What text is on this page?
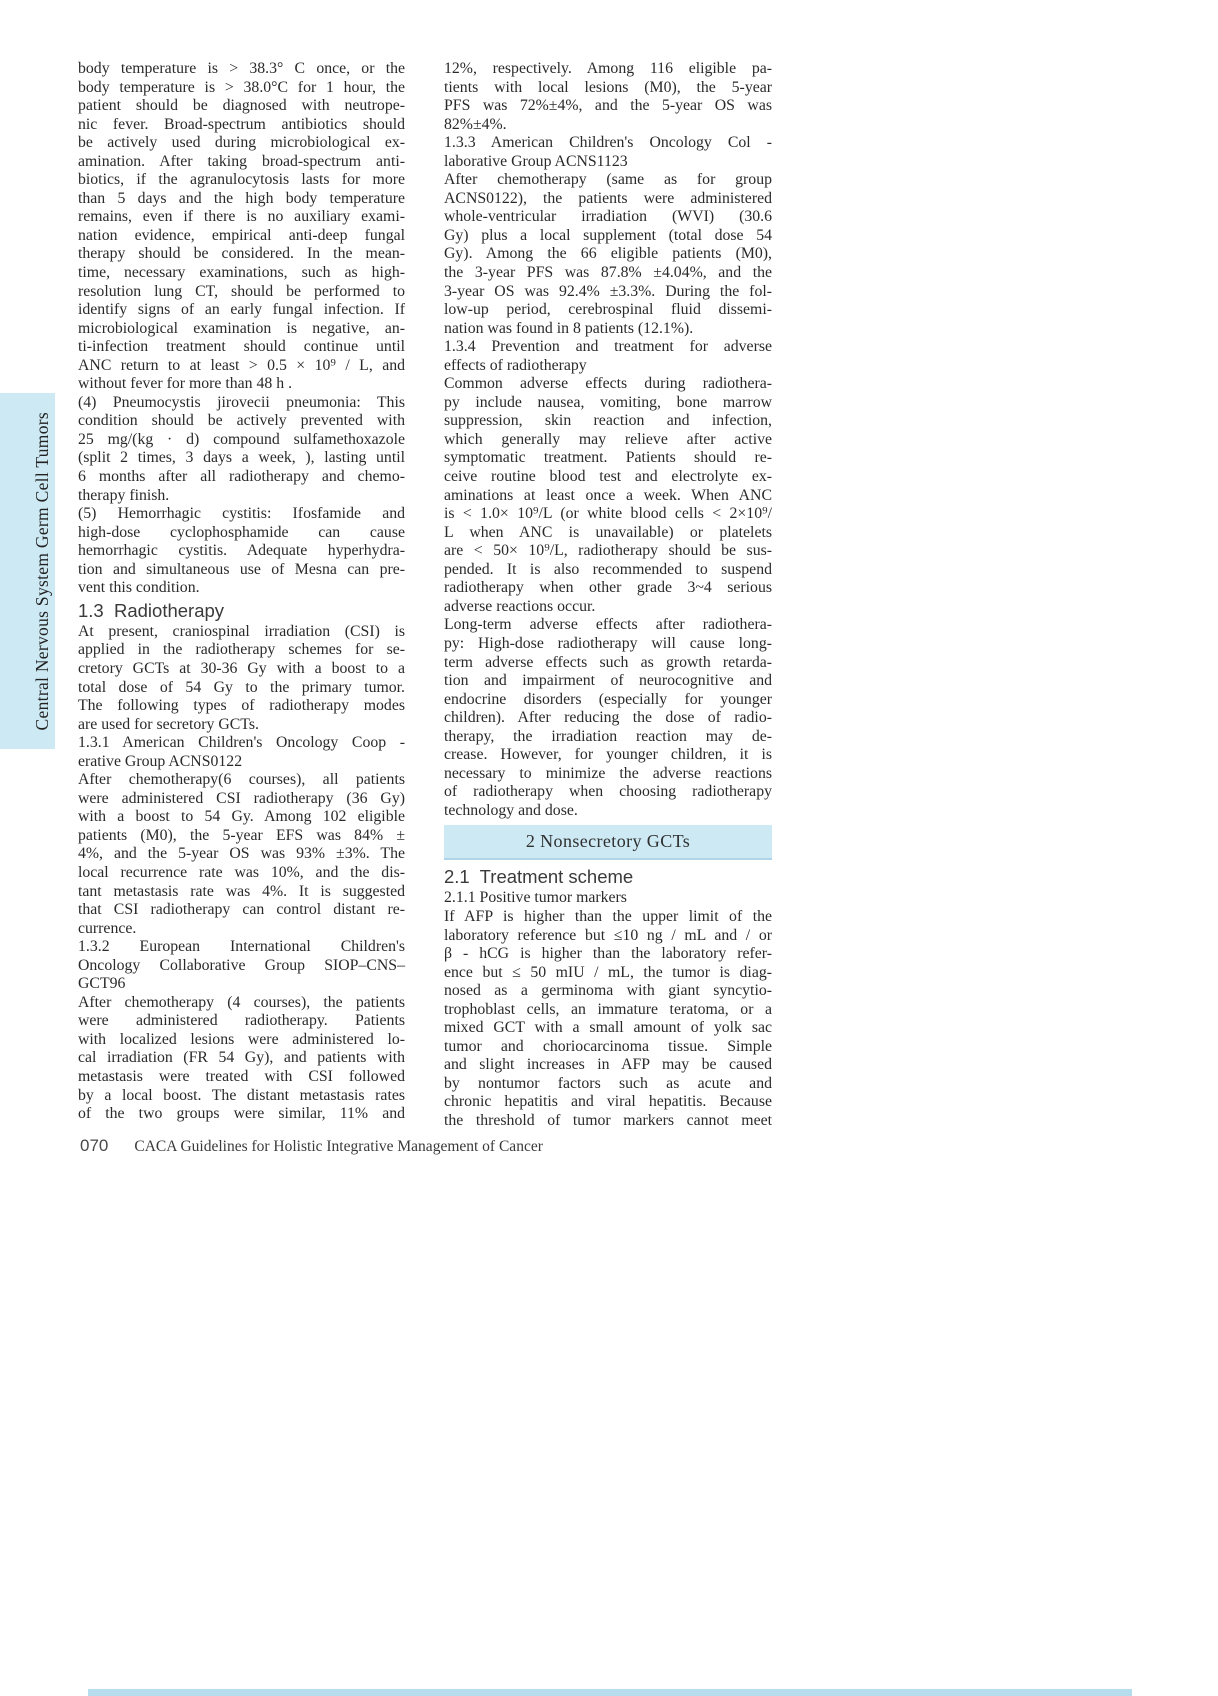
Central Nervous System Germ Cell Tumors
body temperature is > 38.3° C once, or the
body temperature is > 38.0°C for 1 hour, the
patient should be diagnosed with neutrope-
nic fever. Broad-spectrum antibiotics should
be actively used during microbiological ex-
amination. After taking broad-spectrum anti-
biotics, if the agranulocytosis lasts for more
than 5 days and the high body temperature
remains, even if there is no auxiliary exami-
nation evidence, empirical anti-deep fungal
therapy should be considered. In the mean-
time, necessary examinations, such as high-
resolution lung CT, should be performed to
identify signs of an early fungal infection. If
microbiological examination is negative, an-
ti-infection treatment should continue until
ANC return to at least > 0.5 × 10⁹ / L, and
without fever for more than 48 h .
(4) Pneumocystis jirovecii pneumonia: This
condition should be actively prevented with
25 mg/(kg · d) compound sulfamethoxazole
(split 2 times, 3 days a week, ), lasting until
6 months after all radiotherapy and chemo-
therapy finish.
(5) Hemorrhagic cystitis: Ifosfamide and
high-dose cyclophosphamide can cause
hemorrhagic cystitis. Adequate hyperhydra-
tion and simultaneous use of Mesna can pre-
vent this condition.
1.3  Radiotherapy
At present, craniospinal irradiation (CSI) is
applied in the radiotherapy schemes for se-
cretory GCTs at 30-36 Gy with a boost to a
total dose of 54 Gy to the primary tumor.
The following types of radiotherapy modes
are used for secretory GCTs.
1.3.1 American Children's Oncology Coop -
erative Group ACNS0122
After chemotherapy(6 courses), all patients
were administered CSI radiotherapy (36 Gy)
with a boost to 54 Gy. Among 102 eligible
patients (M0), the 5-year EFS was 84% ±
4%, and the 5-year OS was 93% ±3%. The
local recurrence rate was 10%, and the dis-
tant metastasis rate was 4%. It is suggested
that CSI radiotherapy can control distant re-
currence.
1.3.2 European International Children's
Oncology Collaborative Group SIOP–CNS–
GCT96
After chemotherapy (4 courses), the patients
were administered radiotherapy. Patients
with localized lesions were administered lo-
cal irradiation (FR 54 Gy), and patients with
metastasis were treated with CSI followed
by a local boost. The distant metastasis rates
of the two groups were similar, 11% and
12%, respectively. Among 116 eligible pa-
tients with local lesions (M0), the 5-year
PFS was 72%±4%, and the 5-year OS was
82%±4%.
1.3.3 American Children's Oncology Col -
laborative Group ACNS1123
After chemotherapy (same as for group
ACNS0122), the patients were administered
whole-ventricular irradiation (WVI) (30.6
Gy) plus a local supplement (total dose 54
Gy). Among the 66 eligible patients (M0),
the 3-year PFS was 87.8% ±4.04%, and the
3-year OS was 92.4% ±3.3%. During the fol-
low-up period, cerebrospinal fluid dissemi-
nation was found in 8 patients (12.1%).
1.3.4 Prevention and treatment for adverse
effects of radiotherapy
Common adverse effects during radiothera-
py include nausea, vomiting, bone marrow
suppression, skin reaction and infection,
which generally may relieve after active
symptomatic treatment. Patients should re-
ceive routine blood test and electrolyte ex-
aminations at least once a week. When ANC
is < 1.0× 10⁹/L (or white blood cells < 2×10⁹/
L when ANC is unavailable) or platelets
are < 50× 10⁹/L, radiotherapy should be sus-
pended. It is also recommended to suspend
radiotherapy when other grade 3~4 serious
adverse reactions occur.
Long-term adverse effects after radiothera-
py: High-dose radiotherapy will cause long-
term adverse effects such as growth retarda-
tion and impairment of neurocognitive and
endocrine disorders (especially for younger
children). After reducing the dose of radio-
therapy, the irradiation reaction may de-
crease. However, for younger children, it is
necessary to minimize the adverse reactions
of radiotherapy when choosing radiotherapy
technology and dose.
2 Nonsecretory GCTs
2.1  Treatment scheme
2.1.1 Positive tumor markers
If AFP is higher than the upper limit of the
laboratory reference but ≤10 ng / mL and / or
β - hCG is higher than the laboratory refer-
ence but ≤ 50 mIU / mL, the tumor is diag-
nosed as a germinoma with giant syncytio-
trophoblast cells, an immature teratoma, or a
mixed GCT with a small amount of yolk sac
tumor and choriocarcinoma tissue. Simple
and slight increases in AFP may be caused
by nontumor factors such as acute and
chronic hepatitis and viral hepatitis. Because
the threshold of tumor markers cannot meet
070 CACA Guidelines for Holistic Integrative Management of Cancer
